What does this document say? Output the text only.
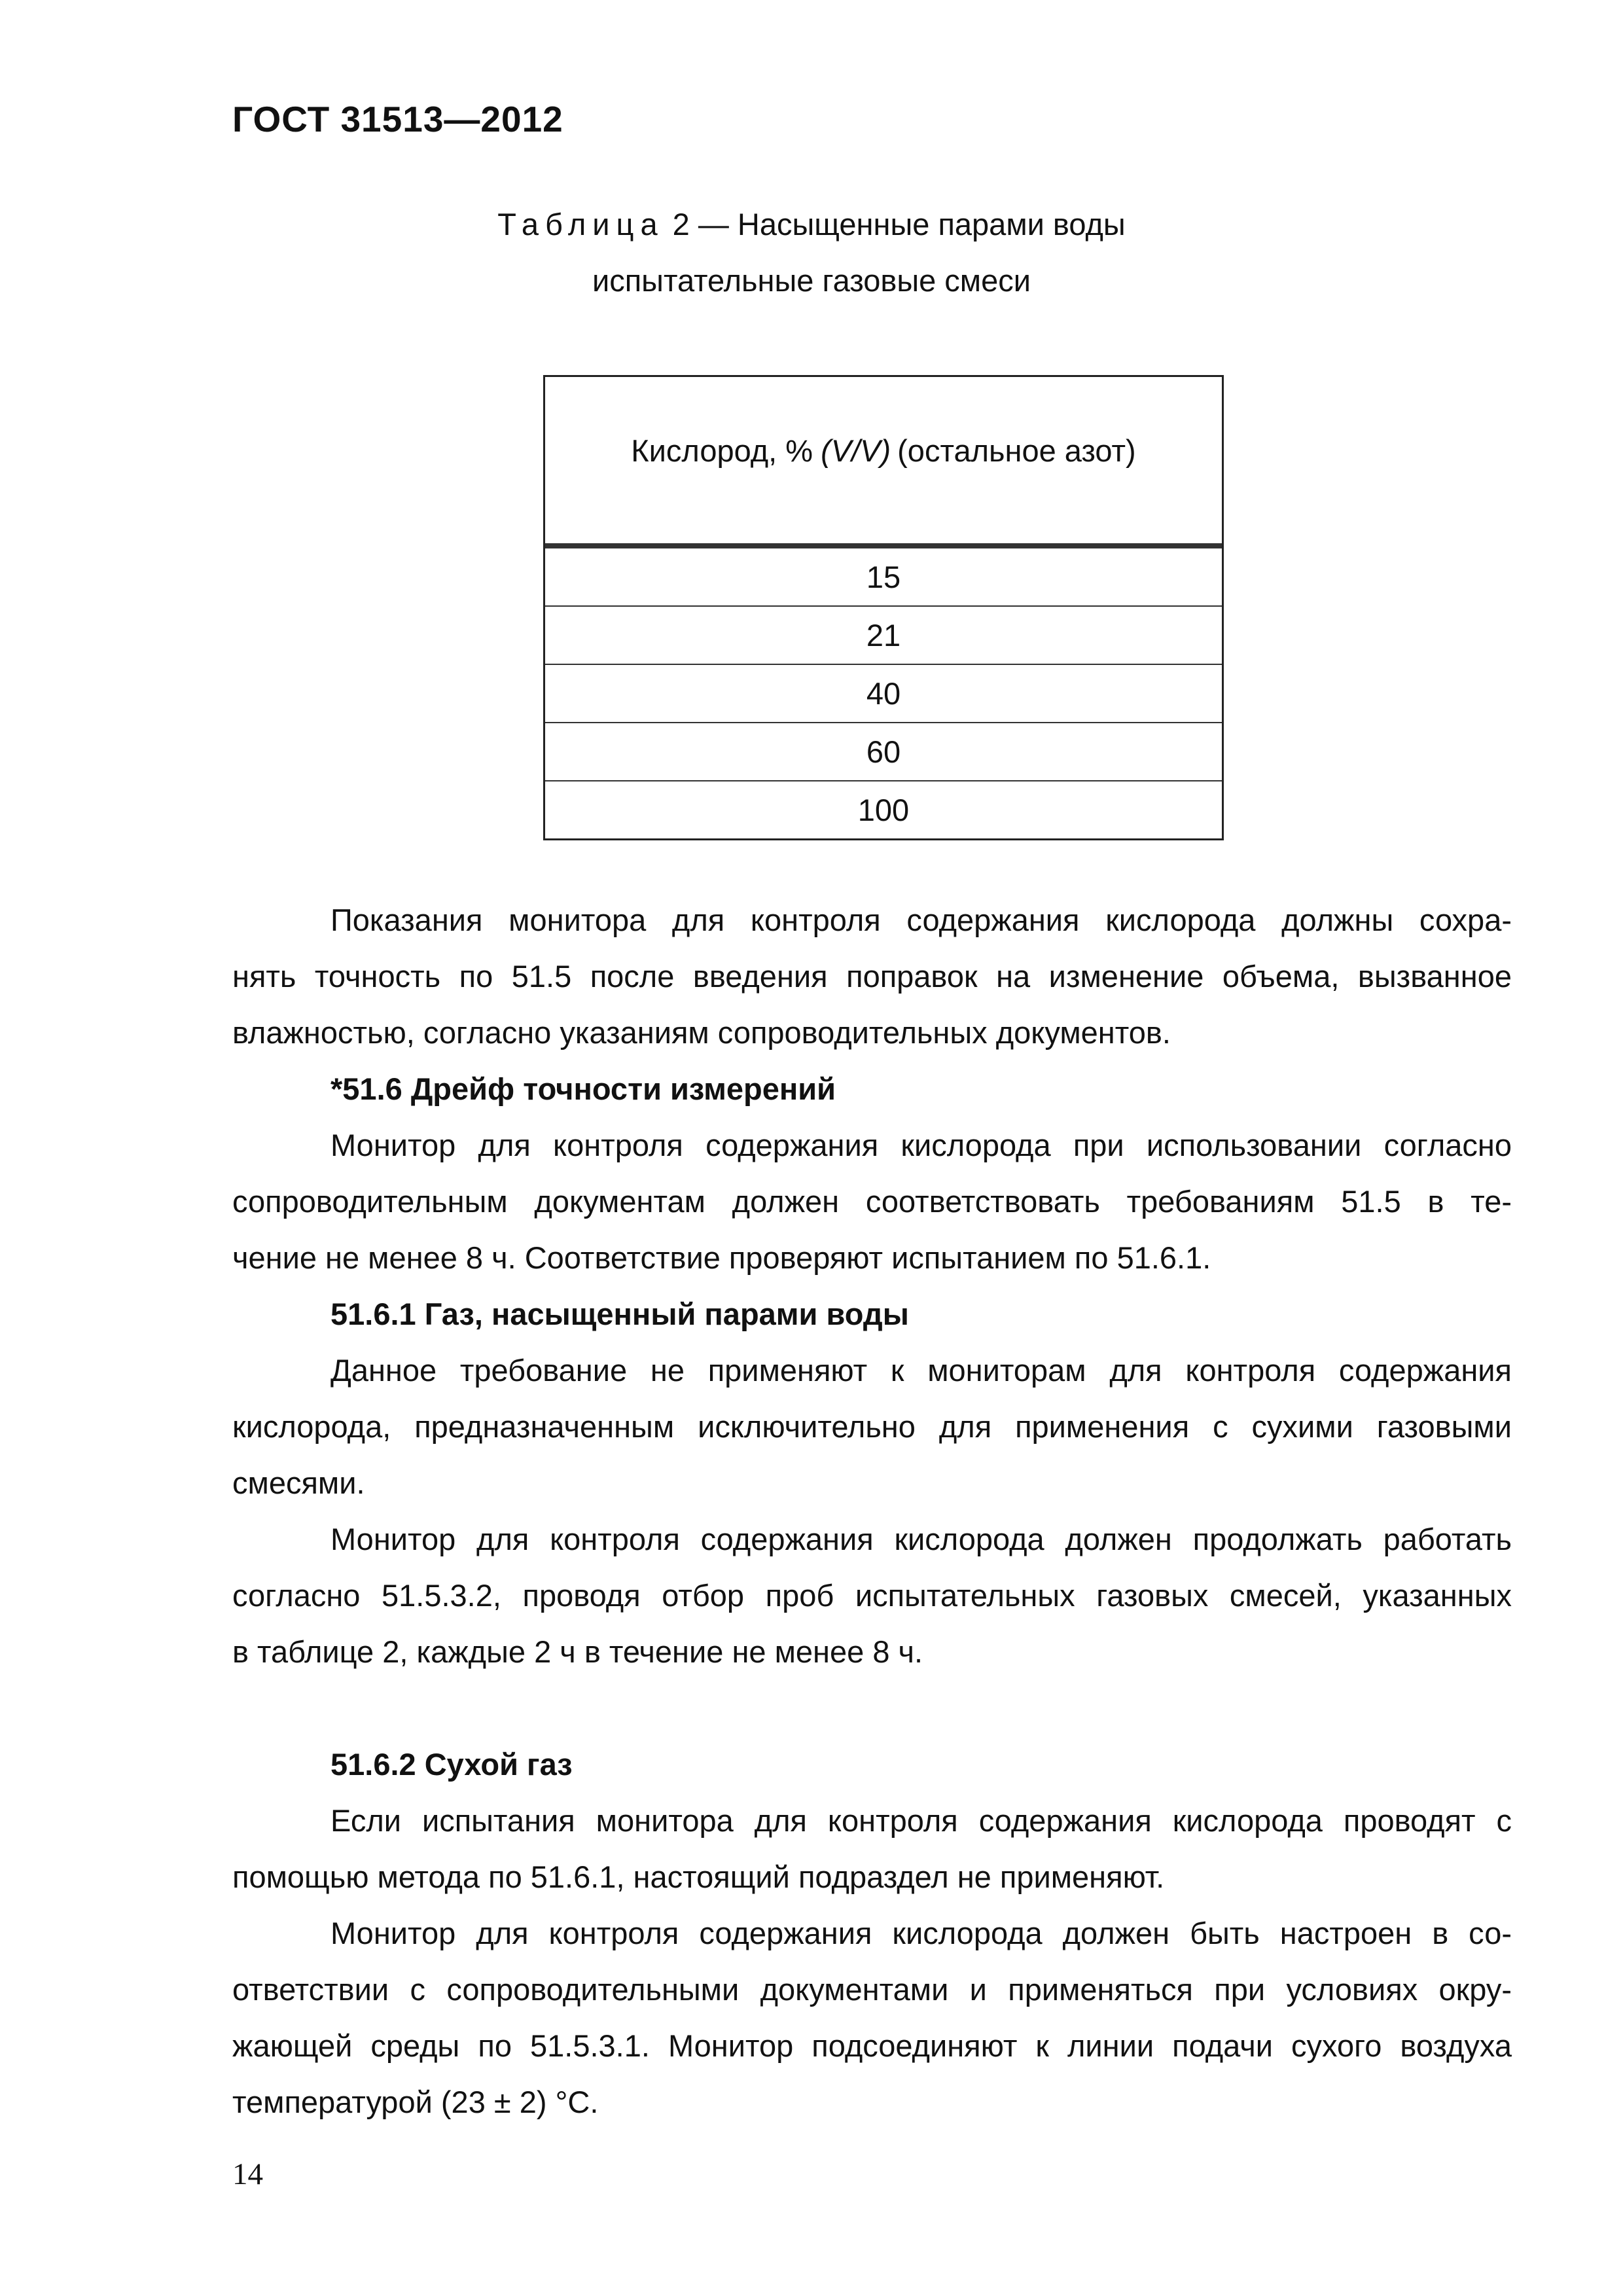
ГОСТ 31513—2012
Таблица 2 — Насыщенные парами воды
испытательные газовые смеси
Кислород, % (V/V) (остальное азот)
15
21
40
60
100
Показания монитора для контроля содержания кислорода должны сохра-
нять точность по 51.5 после введения поправок на изменение объема, вызванное
влажностью, согласно указаниям сопроводительных документов.
*51.6 Дрейф точности измерений
Монитор для контроля содержания кислорода при использовании согласно
сопроводительным документам должен соответствовать требованиям 51.5 в те-
чение не менее 8 ч. Соответствие проверяют испытанием по 51.6.1.
51.6.1 Газ, насыщенный парами воды
Данное требование не применяют к мониторам для контроля содержания
кислорода, предназначенным исключительно для применения с сухими газовыми
смесями.
Монитор для контроля содержания кислорода должен продолжать работать
согласно 51.5.3.2, проводя отбор проб испытательных газовых смесей, указанных
в таблице 2, каждые 2 ч в течение не менее 8 ч.
51.6.2 Сухой газ
Если испытания монитора для контроля содержания кислорода проводят с
помощью метода по 51.6.1, настоящий подраздел не применяют.
Монитор для контроля содержания кислорода должен быть настроен в со-
ответствии с сопроводительными документами и применяться при условиях окру-
жающей среды по 51.5.3.1. Монитор подсоединяют к линии подачи сухого воздуха
температурой (23 ± 2) °С.
14
